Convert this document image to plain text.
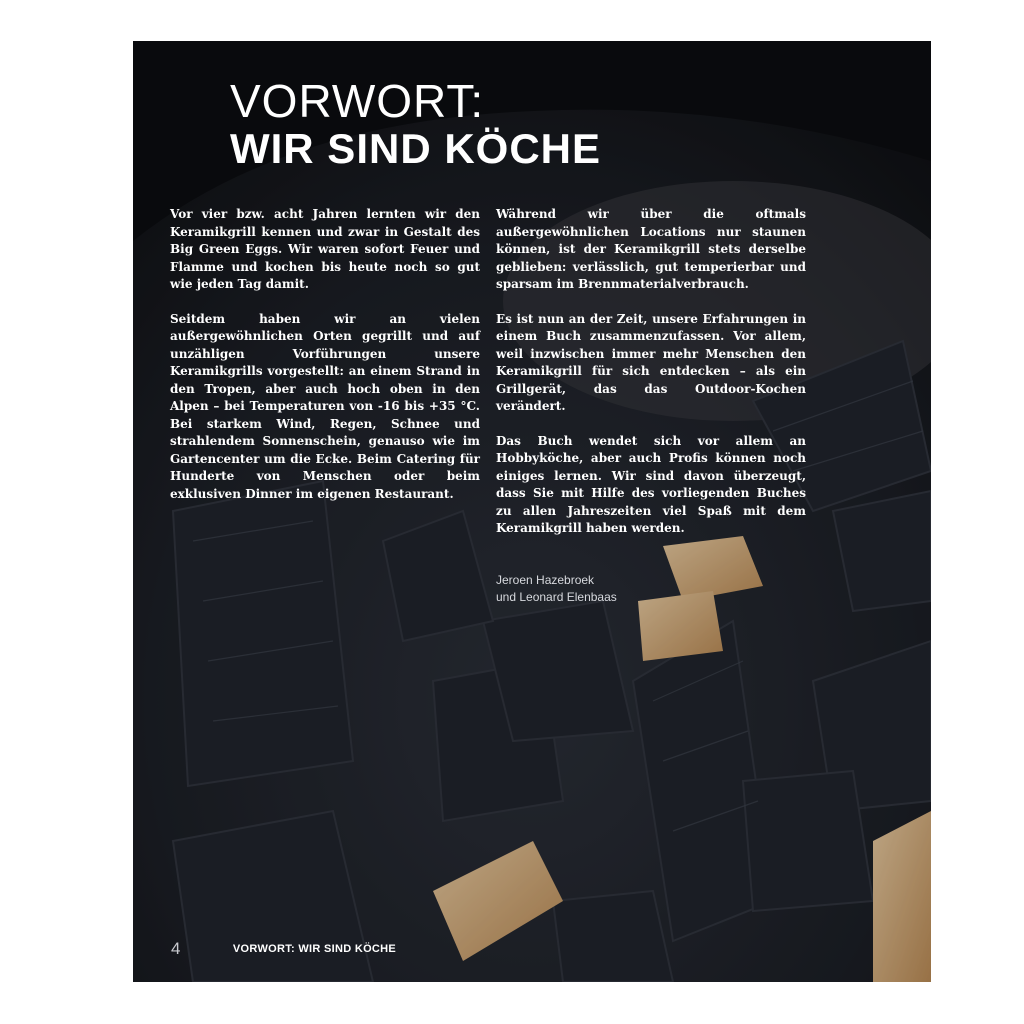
VORWORT:
WIR SIND KÖCHE

Vor vier bzw. acht Jahren lernten wir den Keramikgrill kennen und zwar in Gestalt des Big Green Eggs. Wir waren sofort Feuer und Flamme und kochen bis heute noch so gut wie jeden Tag damit.

Seitdem haben wir an vielen außergewöhnlichen Orten gegrillt und auf unzähligen Vorführungen unsere Keramikgrills vorgestellt: an einem Strand in den Tropen, aber auch hoch oben in den Alpen – bei Temperaturen von -16 bis +35 °C. Bei starkem Wind, Regen, Schnee und strahlendem Sonnenschein, genauso wie im Gartencenter um die Ecke. Beim Catering für Hunderte von Menschen oder beim exklusiven Dinner im eigenen Restaurant.

Während wir über die oftmals außergewöhnlichen Locations nur staunen können, ist der Keramikgrill stets derselbe geblieben: verlässlich, gut temperierbar und sparsam im Brennmaterialverbrauch.

Es ist nun an der Zeit, unsere Erfahrungen in einem Buch zusammenzufassen. Vor allem, weil inzwischen immer mehr Menschen den Keramikgrill für sich entdecken – als ein Grillgerät, das das Outdoor-Kochen verändert.

Das Buch wendet sich vor allem an Hobbyköche, aber auch Profis können noch einiges lernen. Wir sind davon überzeugt, dass Sie mit Hilfe des vorliegenden Buches zu allen Jahreszeiten viel Spaß mit dem Keramikgrill haben werden.

Jeroen Hazebroek
und Leonard Elenbaas
4	VORWORT: WIR SIND KÖCHE
